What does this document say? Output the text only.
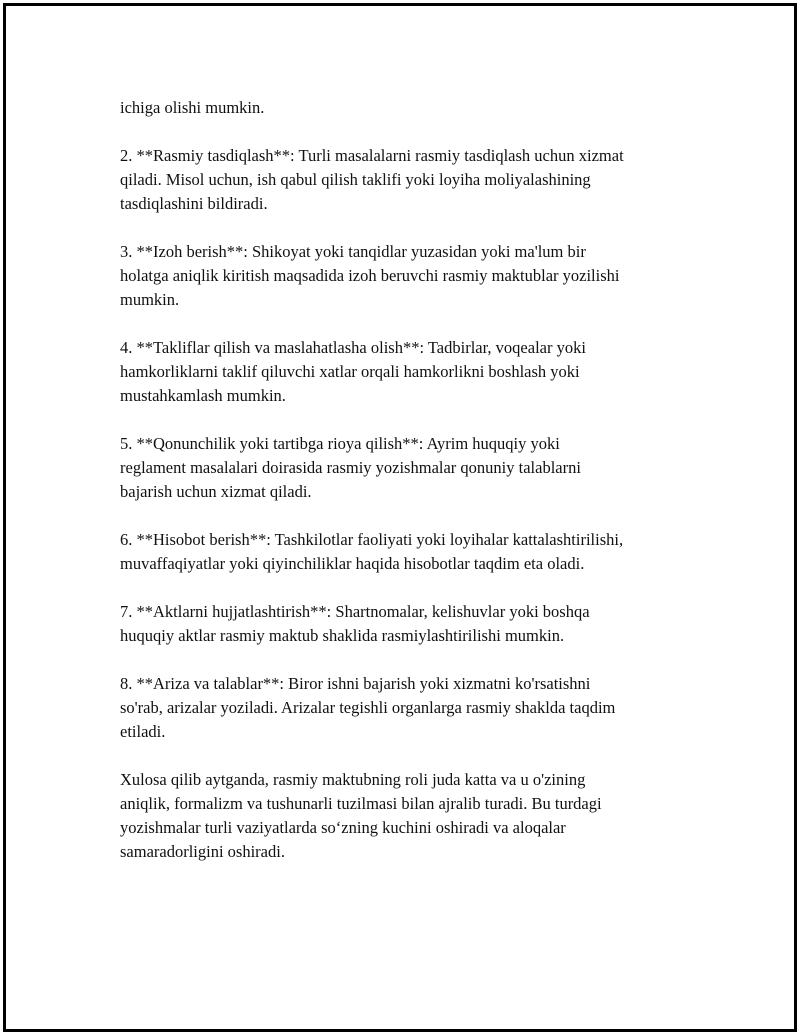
ichiga olishi mumkin.

2. **Rasmiy tasdiqlash**: Turli masalalarni rasmiy tasdiqlash uchun xizmat
qiladi. Misol uchun, ish qabul qilish taklifi yoki loyiha moliyalashining
tasdiqlashini bildiradi.

3. **Izoh berish**: Shikoyat yoki tanqidlar yuzasidan yoki ma'lum bir
holatga aniqlik kiritish maqsadida izoh beruvchi rasmiy maktublar yozilishi
mumkin.

4. **Takliflar qilish va maslahatlasha olish**: Tadbirlar, voqealar yoki
hamkorliklarni taklif qiluvchi xatlar orqali hamkorlikni boshlash yoki
mustahkamlash mumkin.

5. **Qonunchilik yoki tartibga rioya qilish**: Ayrim huquqiy yoki
reglament masalalari doirasida rasmiy yozishmalar qonuniy talablarni
bajarish uchun xizmat qiladi.

6. **Hisobot berish**: Tashkilotlar faoliyati yoki loyihalar kattalashtirilishi,
muvaffaqiyatlar yoki qiyinchiliklar haqida hisobotlar taqdim eta oladi.

7. **Aktlarni hujjatlashtirish**: Shartnomalar, kelishuvlar yoki boshqa
huquqiy aktlar rasmiy maktub shaklida rasmiylashtirilishi mumkin.

8. **Ariza va talablar**: Biror ishni bajarish yoki xizmatni ko'rsatishni
so'rab, arizalar yoziladi. Arizalar tegishli organlarga rasmiy shaklda taqdim
etiladi.

Xulosa qilib aytganda, rasmiy maktubning roli juda katta va u o'zining
aniqlik, formalizm va tushunarli tuzilmasi bilan ajralib turadi. Bu turdagi
yozishmalar turli vaziyatlarda so‘zning kuchini oshiradi va aloqalar
samaradorligini oshiradi.
